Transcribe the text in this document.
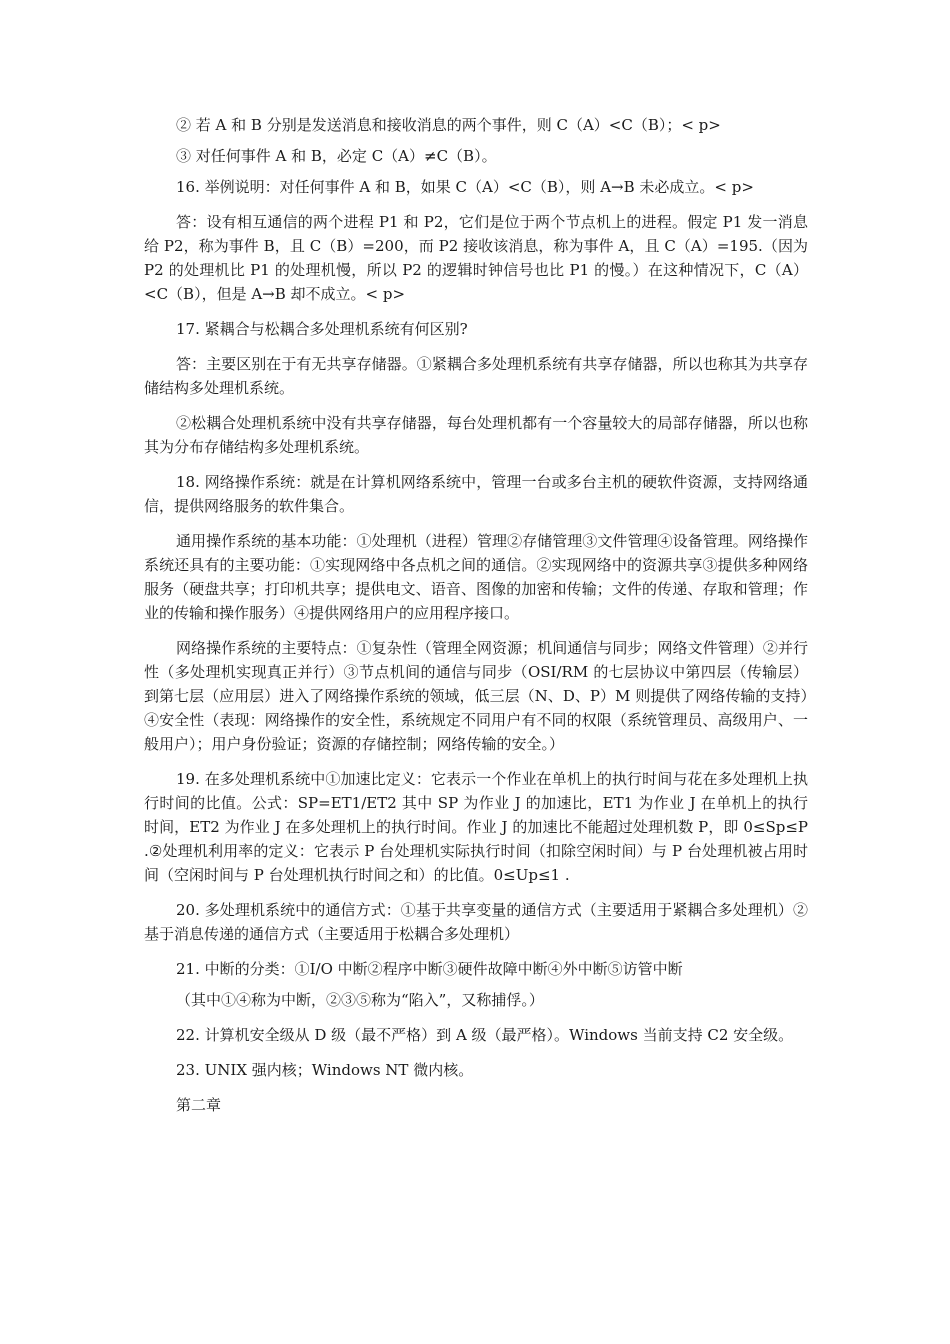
② 若 A 和 B 分别是发送消息和接收消息的两个事件，则 C（A）<C（B）；< p>

③ 对任何事件 A 和 B，必定 C（A）≠C（B）。

16. 举例说明：对任何事件 A 和 B，如果 C（A）<C（B），则 A→B 未必成立。< p>

答：设有相互通信的两个进程 P1 和 P2，它们是位于两个节点机上的进程。假定 P1 发一消息给 P2，称为事件 B，且 C（B）=200，而 P2 接收该消息，称为事件 A，且 C（A）=195.（因为 P2 的处理机比 P1 的处理机慢，所以 P2 的逻辑时钟信号也比 P1 的慢。）在这种情况下，C（A）<C（B），但是 A→B 却不成立。< p>

17. 紧耦合与松耦合多处理机系统有何区别?

答：主要区别在于有无共享存储器。①紧耦合多处理机系统有共享存储器，所以也称其为共享存储结构多处理机系统。

②松耦合处理机系统中没有共享存储器，每台处理机都有一个容量较大的局部存储器，所以也称其为分布存储结构多处理机系统。

18. 网络操作系统：就是在计算机网络系统中，管理一台或多台主机的硬软件资源，支持网络通信，提供网络服务的软件集合。

通用操作系统的基本功能：①处理机（进程）管理②存储管理③文件管理④设备管理。网络操作系统还具有的主要功能：①实现网络中各点机之间的通信。②实现网络中的资源共享③提供多种网络服务（硬盘共享；打印机共享；提供电文、语音、图像的加密和传输；文件的传递、存取和管理；作业的传输和操作服务）④提供网络用户的应用程序接口。

网络操作系统的主要特点：①复杂性（管理全网资源；机间通信与同步；网络文件管理）②并行性（多处理机实现真正并行）③节点机间的通信与同步（OSI/RM 的七层协议中第四层（传输层）到第七层（应用层）进入了网络操作系统的领域，低三层（N、D、P）M 则提供了网络传输的支持）④安全性（表现：网络操作的安全性，系统规定不同用户有不同的权限（系统管理员、高级用户、一般用户）；用户身份验证；资源的存储控制；网络传输的安全。）

19. 在多处理机系统中①加速比定义：它表示一个作业在单机上的执行时间与花在多处理机上执行时间的比值。公式：SP=ET1/ET2 其中 SP 为作业 J 的加速比，ET1 为作业 J 在单机上的执行时间，ET2 为作业 J 在多处理机上的执行时间。作业 J 的加速比不能超过处理机数 P，即 0≤Sp≤P .②处理机利用率的定义：它表示 P 台处理机实际执行时间（扣除空闲时间）与 P 台处理机被占用时间（空闲时间与 P 台处理机执行时间之和）的比值。0≤Up≤1 .

20. 多处理机系统中的通信方式：①基于共享变量的通信方式（主要适用于紧耦合多处理机）②基于消息传递的通信方式（主要适用于松耦合多处理机）

21. 中断的分类：①I/O 中断②程序中断③硬件故障中断④外中断⑤访管中断

（其中①④称为中断，②③⑤称为“陷入”，又称捕俘。）

22. 计算机安全级从 D 级（最不严格）到 A 级（最严格）。Windows 当前支持 C2 安全级。

23. UNIX 强内核；Windows NT 微内核。

第二章
